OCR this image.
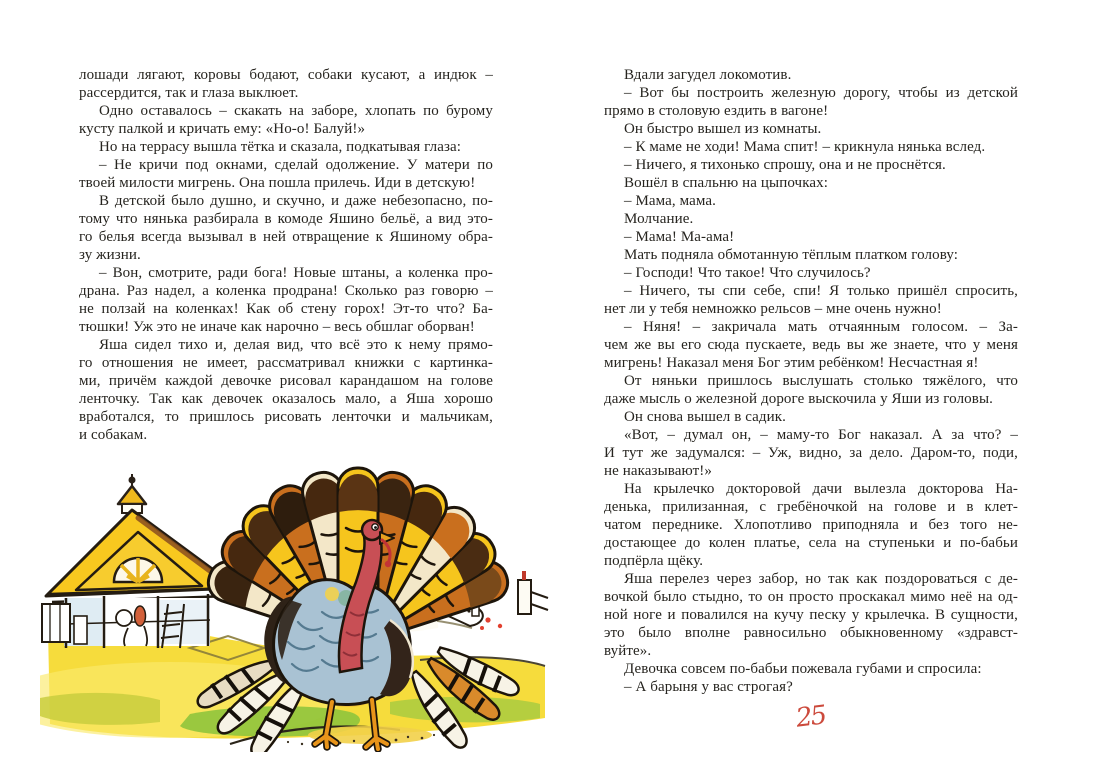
лошади лягают, коровы бодают, собаки кусают, а индюк –
рассердится, так и глаза выклюет.
Одно оставалось – скакать на заборе, хлопать по бурому
кусту палкой и кричать ему: «Но-о! Балуй!»
Но на террасу вышла тётка и сказала, подкатывая глаза:
– Не кричи под окнами, сделай одолжение. У матери по
твоей милости мигрень. Она пошла прилечь. Иди в детскую!
В детской было душно, и скучно, и даже небезопасно, по-
тому что нянька разбирала в комоде Яшино бельё, а вид это-
го белья всегда вызывал в ней отвращение к Яшиному обра-
зу жизни.
– Вон, смотрите, ради бога! Новые штаны, а коленка про-
драна. Раз надел, а коленка продрана! Сколько раз говорю –
не ползай на коленках! Как об стену горох! Эт-то что? Ба-
тюшки! Уж это не иначе как нарочно – весь обшлаг оборван!
Яша сидел тихо и, делая вид, что всё это к нему прямо-
го отношения не имеет, рассматривал книжки с картинка-
ми, причём каждой девочке рисовал карандашом на голове
ленточку. Так как девочек оказалось мало, а Яша хорошо
вработался, то пришлось рисовать ленточки и мальчикам,
и собакам.
Вдали загудел локомотив.
– Вот бы построить железную дорогу, чтобы из детской
прямо в столовую ездить в вагоне!
Он быстро вышел из комнаты.
– К маме не ходи! Мама спит! – крикнула нянька вслед.
– Ничего, я тихонько спрошу, она и не проснётся.
Вошёл в спальню на цыпочках:
– Мама, мама.
Молчание.
– Мама! Ма-ама!
Мать подняла обмотанную тёплым платком голову:
– Господи! Что такое! Что случилось?
– Ничего, ты спи себе, спи! Я только пришёл спросить,
нет ли у тебя немножко рельсов – мне очень нужно!
– Няня! – закричала мать отчаянным голосом. – За-
чем же вы его сюда пускаете, ведь вы же знаете, что у меня
мигрень! Наказал меня Бог этим ребёнком! Несчастная я!
От няньки пришлось выслушать столько тяжёлого, что
даже мысль о железной дороге выскочила у Яши из головы.
Он снова вышел в садик.
«Вот, – думал он, – маму-то Бог наказал. А за что? –
И тут же задумался: – Уж, видно, за дело. Даром-то, поди,
не наказывают!»
На крылечко докторовой дачи вылезла докторова На-
денька, прилизанная, с гребёночкой на голове и в клет-
чатом переднике. Хлопотливо приподняла и без того не-
достающее до колен платье, села на ступеньки и по-бабьи
подпёрла щёку.
Яша перелез через забор, но так как поздороваться с де-
вочкой было стыдно, то он просто проскакал мимо неё на од-
ной ноге и повалился на кучу песку у крылечка. В сущности,
это было вполне равносильно обыкновенному «здравст-
вуйте».
Девочка совсем по-бабьи пожевала губами и спросила:
– А барыня у вас строгая?
25
